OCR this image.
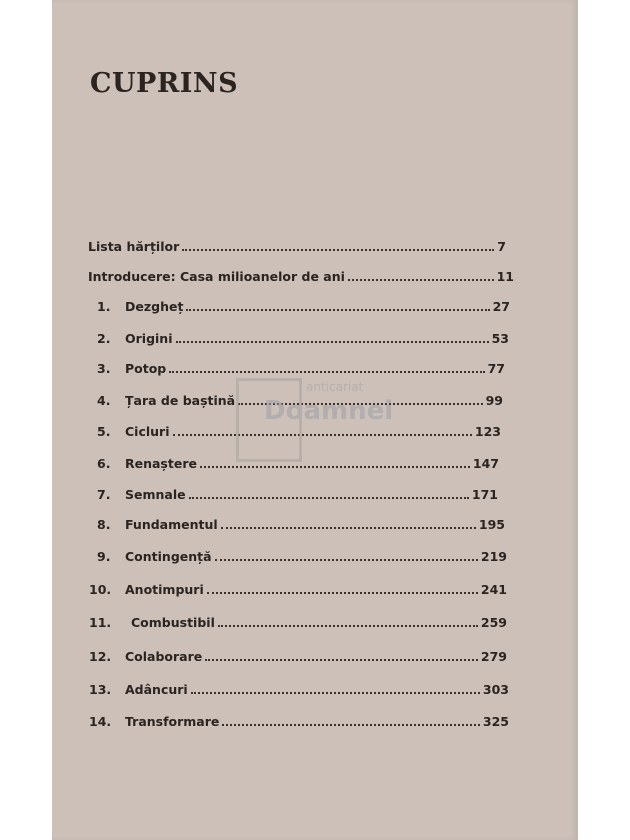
CUPRINS
Lista hărților	7
Introducere: Casa milioanelor de ani	11
1.	Dezgheț	27
2.	Origini	53
3.	Potop	77
4.	Țara de baștină	99
5.	Cicluri	123
6.	Renaștere	147
7.	Semnale	171
8.	Fundamentul	195
9.	Contingență	219
10.	Anotimpuri	241
11.	Combustibil	259
12.	Colaborare	279
13.	Adâncuri	303
14.	Transformare	325
anticariat
Doamnei
